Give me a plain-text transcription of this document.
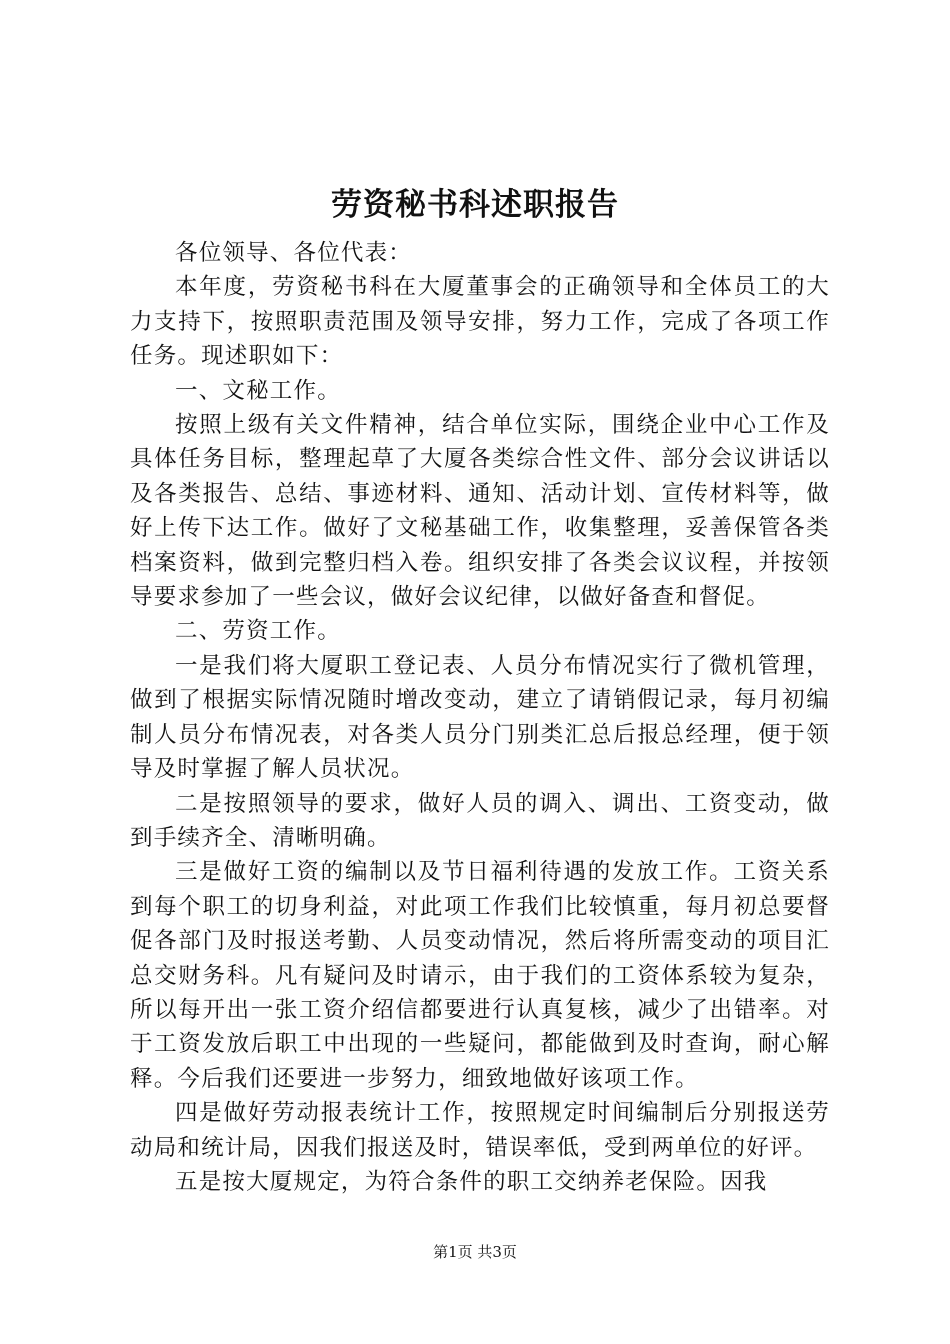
劳资秘书科述职报告

各位领导、各位代表：

本年度，劳资秘书科在大厦董事会的正确领导和全体员工的大力支持下，按照职责范围及领导安排，努力工作，完成了各项工作任务。现述职如下：

一、文秘工作。

按照上级有关文件精神，结合单位实际，围绕企业中心工作及具体任务目标，整理起草了大厦各类综合性文件、部分会议讲话以及各类报告、总结、事迹材料、通知、活动计划、宣传材料等，做好上传下达工作。做好了文秘基础工作，收集整理，妥善保管各类档案资料，做到完整归档入卷。组织安排了各类会议议程，并按领导要求参加了一些会议，做好会议纪律，以做好备查和督促。

二、劳资工作。

一是我们将大厦职工登记表、人员分布情况实行了微机管理，做到了根据实际情况随时增改变动，建立了请销假记录，每月初编制人员分布情况表，对各类人员分门别类汇总后报总经理，便于领导及时掌握了解人员状况。

二是按照领导的要求，做好人员的调入、调出、工资变动，做到手续齐全、清晰明确。

三是做好工资的编制以及节日福利待遇的发放工作。工资关系到每个职工的切身利益，对此项工作我们比较慎重，每月初总要督促各部门及时报送考勤、人员变动情况，然后将所需变动的项目汇总交财务科。凡有疑问及时请示，由于我们的工资体系较为复杂，所以每开出一张工资介绍信都要进行认真复核，减少了出错率。对于工资发放后职工中出现的一些疑问，都能做到及时查询，耐心解释。今后我们还要进一步努力，细致地做好该项工作。

四是做好劳动报表统计工作，按照规定时间编制后分别报送劳动局和统计局，因我们报送及时，错误率低，受到两单位的好评。

五是按大厦规定，为符合条件的职工交纳养老保险。因我

第1页 共3页
